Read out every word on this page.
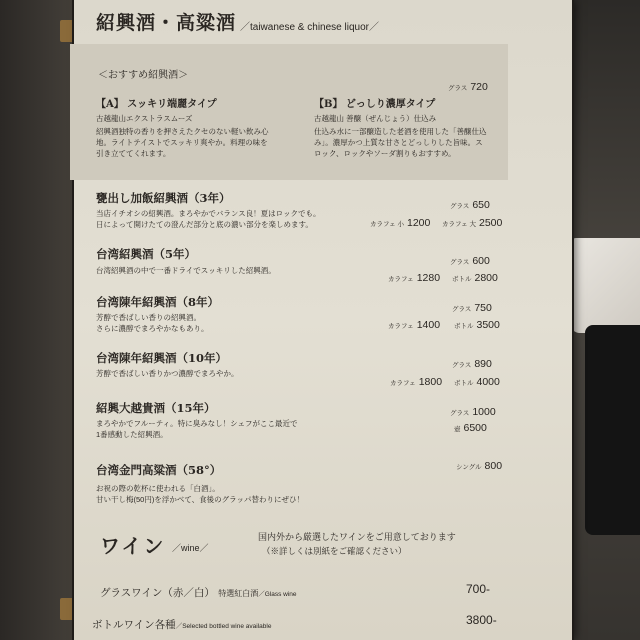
紹興酒・高粱酒 ／taiwanese & chinese liquor／
＜おすすめ紹興酒＞
グラス 720
【A】 スッキリ端麗タイプ
古越龍山エクストラスムーズ
紹興酒独特の香りを押さえたクセのない軽い飲み心
地。ライトテイストでスッキリ爽やか。料理の味を
引き立ててくれます。
【B】 どっしり濃厚タイプ
古越龍山 善醸（ぜんじょう）仕込み
仕込み水に一部醸造した老酒を使用した「善醸仕込
み」。濃厚かつ上質な甘さとどっしりした旨味。ス
ロック、ロックやソーダ割りもおすすめ。
甕出し加飯紹興酒（3年）
当店イチオシの紹興酒。まろやかでバランス良！夏はロックでも。
日によって開けたての澄んだ部分と底の濃い部分を楽しめます。
グラス 650
カラフェ 小 1200 カラフェ 大 2500
台湾紹興酒（5年）
台湾紹興酒の中で一番ドライでスッキリした紹興酒。
グラス 600
カラフェ 1280 ボトル 2800
台湾陳年紹興酒（8年）
芳醇で香ばしい香りの紹興酒。
さらに濃醇でまろやかなもあり。
グラス 750
カラフェ 1400 ボトル 3500
台湾陳年紹興酒（10年）
芳醇で香ばしい香りかつ濃醇でまろやか。
グラス 890
カラフェ 1800 ボトル 4000
紹興大越貴酒（15年）
まろやかでフルーティ。特に臭みなし！シェフがここ最近で
1番感動した紹興酒。
グラス 1000
壺 6500
台湾金門高粱酒（58°）
お祝の際の乾杯に使われる「白酒」。
甘い干し梅(50円)を浮かべて、食後のグラッパ替わりにぜひ！
シングル 800
ワイン ／wine／
国内外から厳選したワインをご用意しております
（※詳しくは別紙をご確認ください）
グラスワイン（赤／白） 特選紅白酒／Glass wine	700-
ボトルワイン各種／Selected bottled wine available	3800-
